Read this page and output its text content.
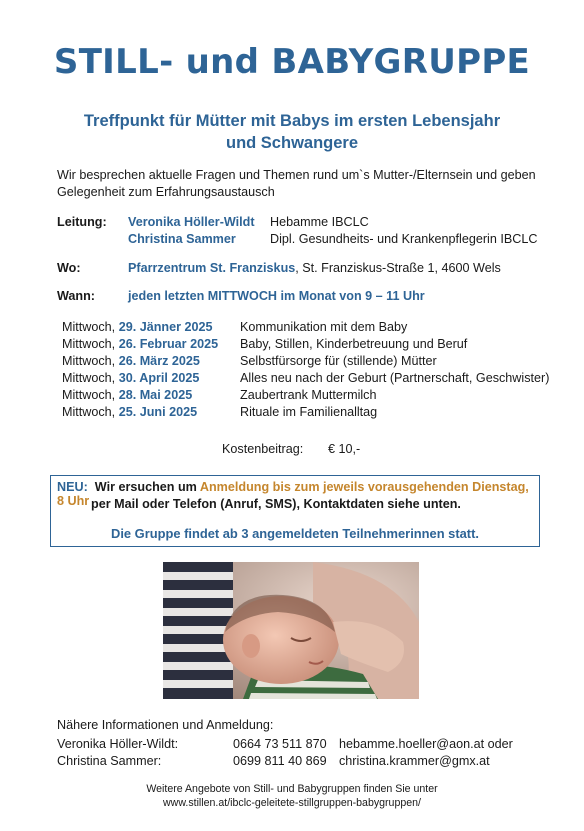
STILL- und BABYGRUPPE
Treffpunkt für Mütter mit Babys im ersten Lebensjahr
und Schwangere
Wir besprechen aktuelle Fragen und Themen rund um`s Mutter-/Elternsein und geben
Gelegenheit zum Erfahrungsaustausch
Leitung: Veronika Höller-Wildt Hebamme IBCLC
Christina Sammer	Dipl. Gesundheits- und Krankenpflegerin IBCLC
Wo:	Pfarrzentrum St. Franziskus, St. Franziskus-Straße 1, 4600 Wels
Wann:	jeden letzten MITTWOCH im Monat von 9 – 11 Uhr
Mittwoch, 29. Jänner 2025 Kommunikation mit dem Baby
Mittwoch, 26. Februar 2025 Baby, Stillen, Kinderbetreuung und Beruf
Mittwoch, 26. März 2025	Selbstfürsorge für (stillende) Mütter
Mittwoch, 30. April 2025	Alles neu nach der Geburt (Partnerschaft, Geschwister)
Mittwoch, 28. Mai 2025	Zaubertrank Muttermilch
Mittwoch, 25. Juni 2025	Rituale im Familienalltag
Kostenbeitrag: € 10,-
NEU: Wir ersuchen um Anmeldung bis zum jeweils vorausgehenden Dienstag, 8 Uhr per Mail oder Telefon (Anruf, SMS), Kontaktdaten siehe unten.
Die Gruppe findet ab 3 angemeldeten Teilnehmerinnen statt.
Nähere Informationen und Anmeldung:
Veronika Höller-Wildt:	0664 73 511 870 hebamme.hoeller@aon.at oder
Christina Sammer:	0699 811 40 869 christina.krammer@gmx.at
Weitere Angebote von Still- und Babygruppen finden Sie unter
www.stillen.at/ibclc-geleitete-stillgruppen-babygruppen/
